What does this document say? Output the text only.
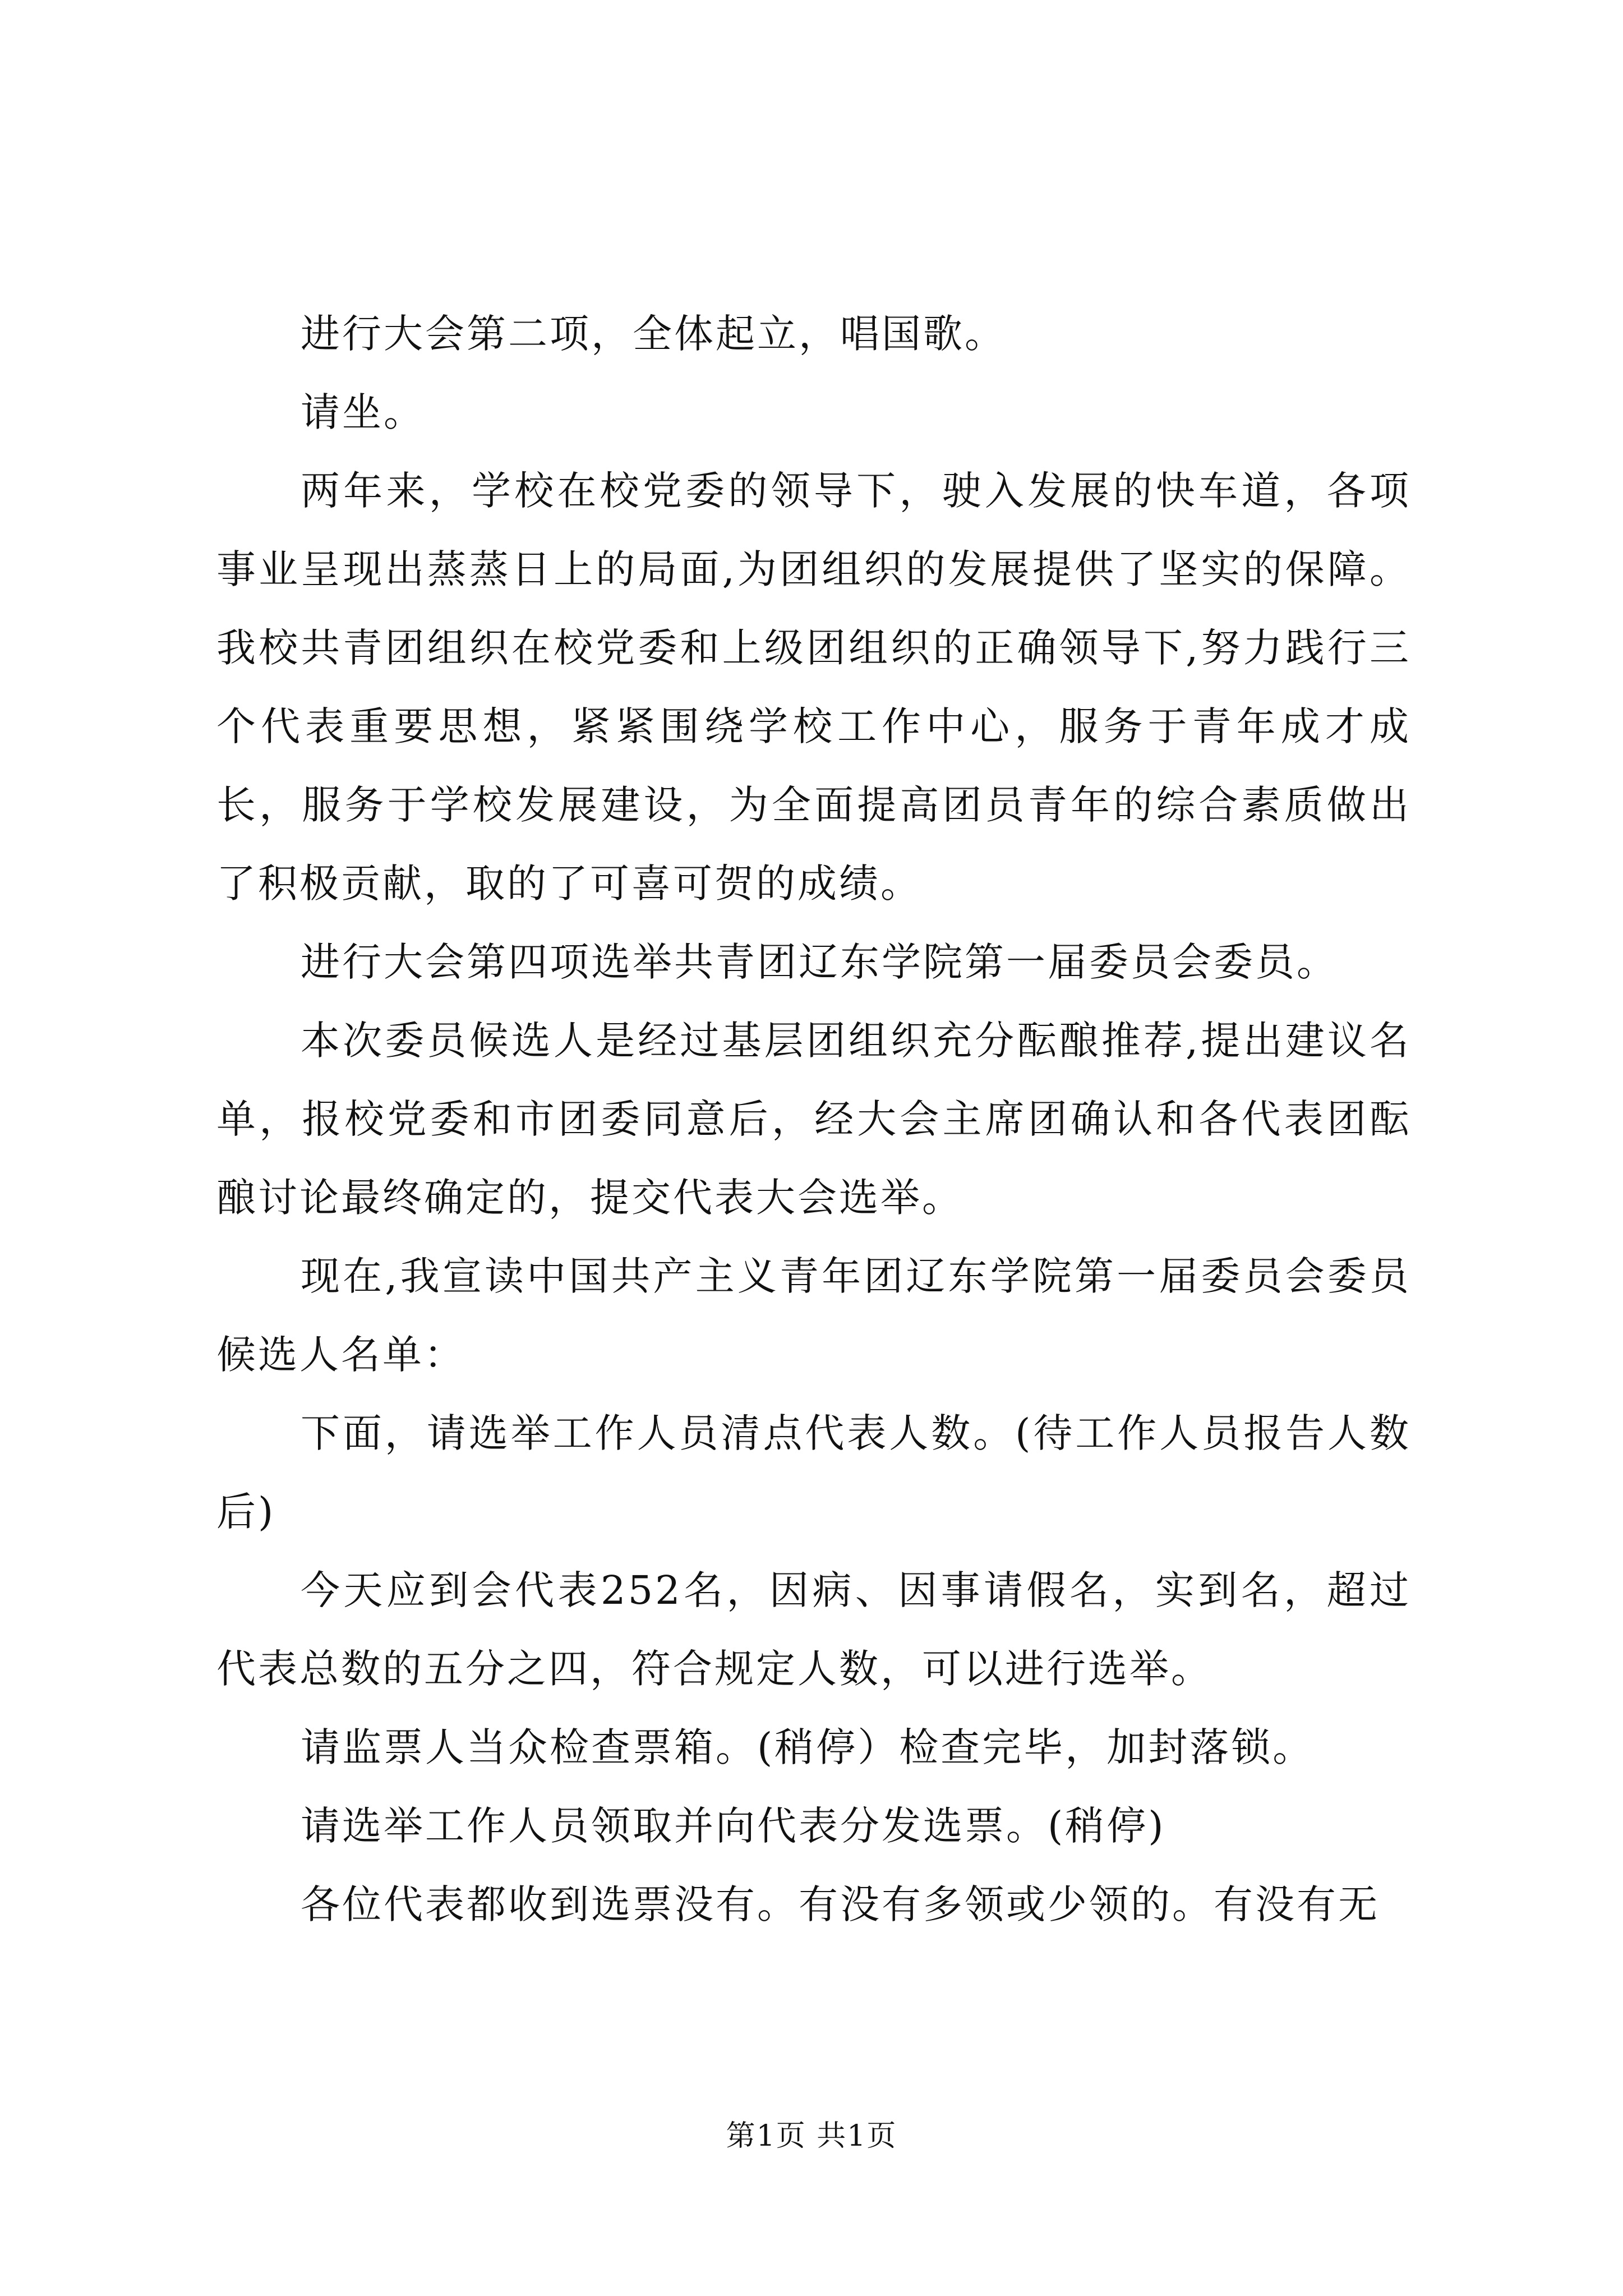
进行大会第二项，全体起立，唱国歌。

请坐。

两年来，学校在校党委的领导下，驶入发展的快车道，各项事业呈现出蒸蒸日上的局面,为团组织的发展提供了坚实的保障。我校共青团组织在校党委和上级团组织的正确领导下,努力践行三个代表重要思想，紧紧围绕学校工作中心，服务于青年成才成长，服务于学校发展建设，为全面提高团员青年的综合素质做出了积极贡献，取的了可喜可贺的成绩。

进行大会第四项选举共青团辽东学院第一届委员会委员。

本次委员候选人是经过基层团组织充分酝酿推荐,提出建议名单，报校党委和市团委同意后，经大会主席团确认和各代表团酝酿讨论最终确定的，提交代表大会选举。

现在,我宣读中国共产主义青年团辽东学院第一届委员会委员候选人名单：

下面，请选举工作人员清点代表人数。(待工作人员报告人数后)

今天应到会代表252名，因病、因事请假名，实到名，超过代表总数的五分之四，符合规定人数，可以进行选举。

请监票人当众检查票箱。(稍停）检查完毕，加封落锁。

请选举工作人员领取并向代表分发选票。(稍停)

各位代表都收到选票没有。有没有多领或少领的。有没有无

第1页 共1页
